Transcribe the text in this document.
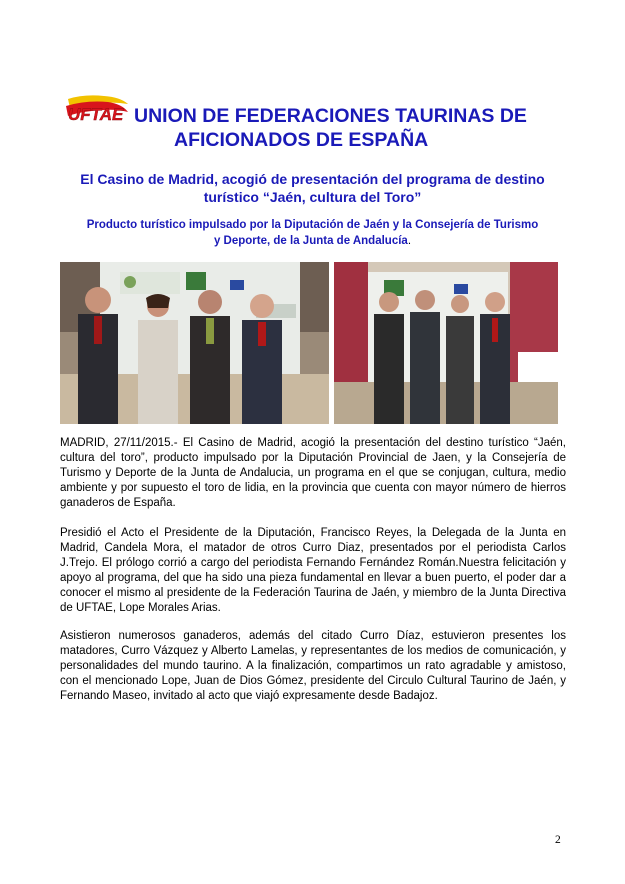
UFTAE UNION DE FEDERACIONES TAURINAS DE
AFICIONADOS DE ESPAÑA
El Casino de Madrid, acogió de presentación del programa de destino
turístico “Jaén, cultura del Toro”

Producto turístico impulsado por la Diputación de Jaén y la Consejería de Turismo
y Deporte, de la Junta de Andalucía.

MADRID, 27/11/2015.- El Casino de Madrid, acogió la presentación del destino turístico “Jaén, cultura del toro”, producto impulsado por la Diputación Provincial de Jaen, y la Consejería de Turismo y Deporte de la Junta de Andalucia, un programa en el que se conjugan, cultura, medio ambiente y por supuesto el toro de lidia, en la provincia que cuenta con mayor número de hierros ganaderos de España.

Presidió el Acto el Presidente de la Diputación, Francisco Reyes, la Delegada de la Junta en Madrid, Candela Mora, el matador de otros Curro Diaz, presentados por el periodista Carlos J.Trejo. El prólogo corrió a cargo del periodista Fernando Fernández Román.Nuestra felicitación y apoyo al programa, del que ha sido una pieza fundamental en llevar a buen puerto, el poder dar a conocer el mismo al presidente de la Federación Taurina de Jaén, y miembro de la Junta Directiva de UFTAE, Lope Morales Arias.

Asistieron numerosos ganaderos, además del citado Curro Díaz, estuvieron presentes los matadores, Curro Vázquez y Alberto Lamelas, y representantes de los medios de comunicación, y personalidades del mundo taurino. A la finalización, compartimos un rato agradable y amistoso, con el mencionado Lope, Juan de Dios Gómez, presidente del Circulo Cultural Taurino de Jaén, y Fernando Maseo, invitado al acto que viajó expresamente desde Badajoz.

2
